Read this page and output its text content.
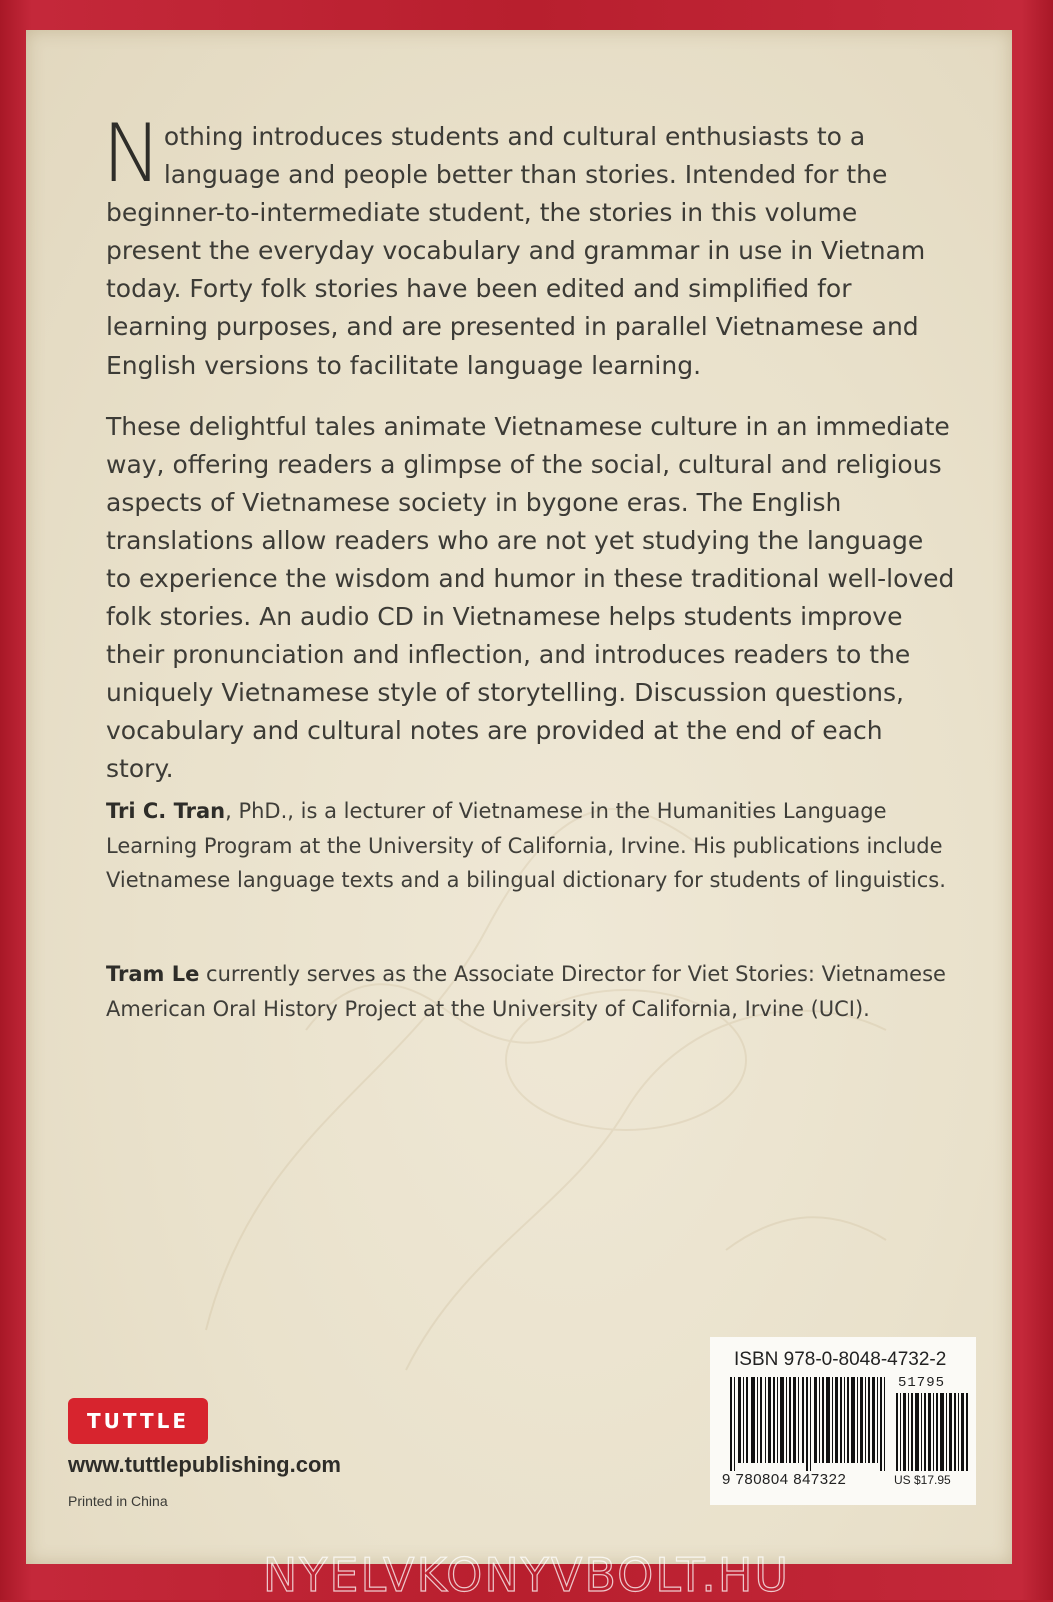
Nothing introduces students and cultural enthusiasts to a language and people better than stories. Intended for the beginner-to-intermediate student, the stories in this volume present the everyday vocabulary and grammar in use in Vietnam today. Forty folk stories have been edited and simplified for learning purposes, and are presented in parallel Vietnamese and English versions to facilitate language learning.
These delightful tales animate Vietnamese culture in an immediate way, offering readers a glimpse of the social, cultural and religious aspects of Vietnamese society in bygone eras. The English translations allow readers who are not yet studying the language to experience the wisdom and humor in these traditional well-loved folk stories. An audio CD in Vietnamese helps students improve their pronunciation and inflection, and introduces readers to the uniquely Vietnamese style of storytelling. Discussion questions, vocabulary and cultural notes are provided at the end of each story.
Tri C. Tran, PhD., is a lecturer of Vietnamese in the Humanities Language Learning Program at the University of California, Irvine. His publications include Vietnamese language texts and a bilingual dictionary for students of linguistics.
Tram Le currently serves as the Associate Director for Viet Stories: Vietnamese American Oral History Project at the University of California, Irvine (UCI).
TUTTLE
www.tuttlepublishing.com
Printed in China
ISBN 978-0-8048-4732-2
51795
9 780804 847322	US $17.95
NYELVKONYVBOLT.HU
